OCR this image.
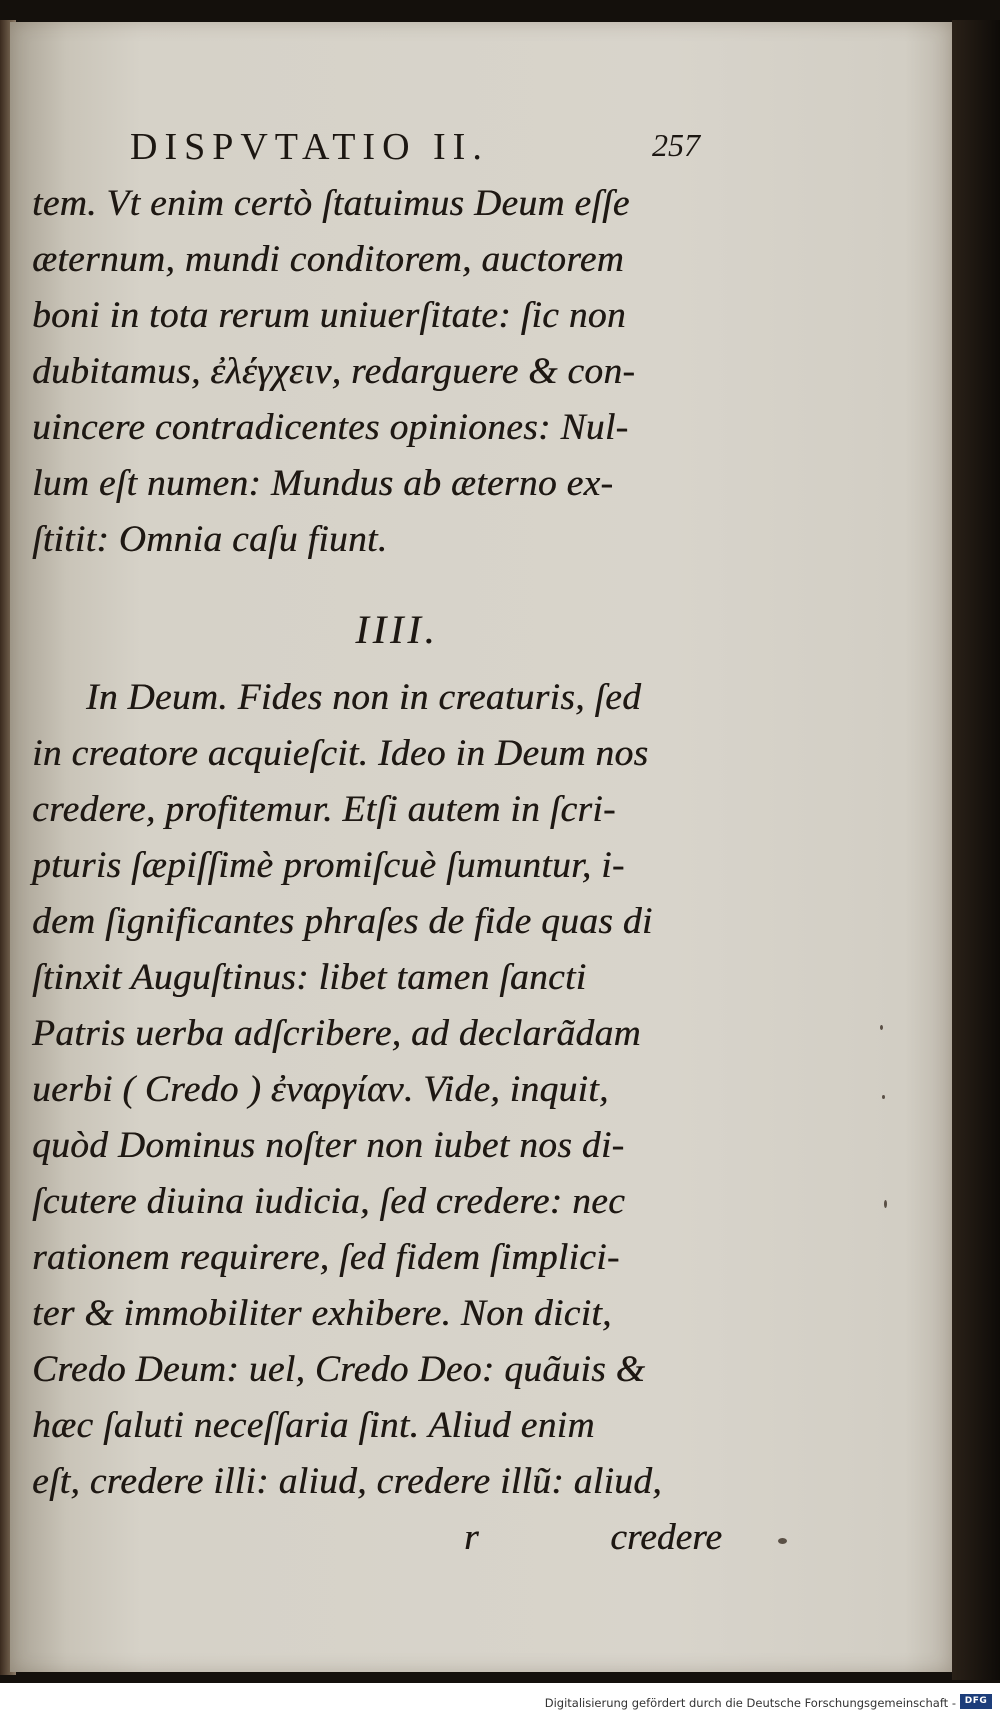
DISPVTATIO II.	257
tem. Vt enim certò ſtatuimus Deum eſſe
æternum, mundi conditorem, auctorem
boni in tota rerum uniuerſitate: ſic non
dubitamus, ἐλέγχειν, redarguere & con-
uincere contradicentes opiniones: Nul-
lum eſt numen: Mundus ab æterno ex-
ſtitit: Omnia caſu fiunt.
IIII.
In Deum. Fides non in creaturis, ſed
in creatore acquieſcit. Ideo in Deum nos
credere, profitemur. Etſi autem in ſcri-
pturis ſæpiſſimè promiſcuè ſumuntur, i-
dem ſignificantes phraſes de fide quas di
ſtinxit Auguſtinus: libet tamen ſancti
Patris uerba adſcribere, ad declarãdam
uerbi ( Credo ) ἐναργίαν. Vide, inquit,
quòd Dominus noſter non iubet nos di-
ſcutere diuina iudicia, ſed credere: nec
rationem requirere, ſed fidem ſimplici-
ter & immobiliter exhibere. Non dicit,
Credo Deum: uel, Credo Deo: quãuis &
hæc ſaluti neceſſaria ſint. Aliud enim
eſt, credere illi: aliud, credere illũ: aliud,
r	credere
Digitalisierung gefördert durch die Deutsche Forschungsgemeinschaft - DFG
